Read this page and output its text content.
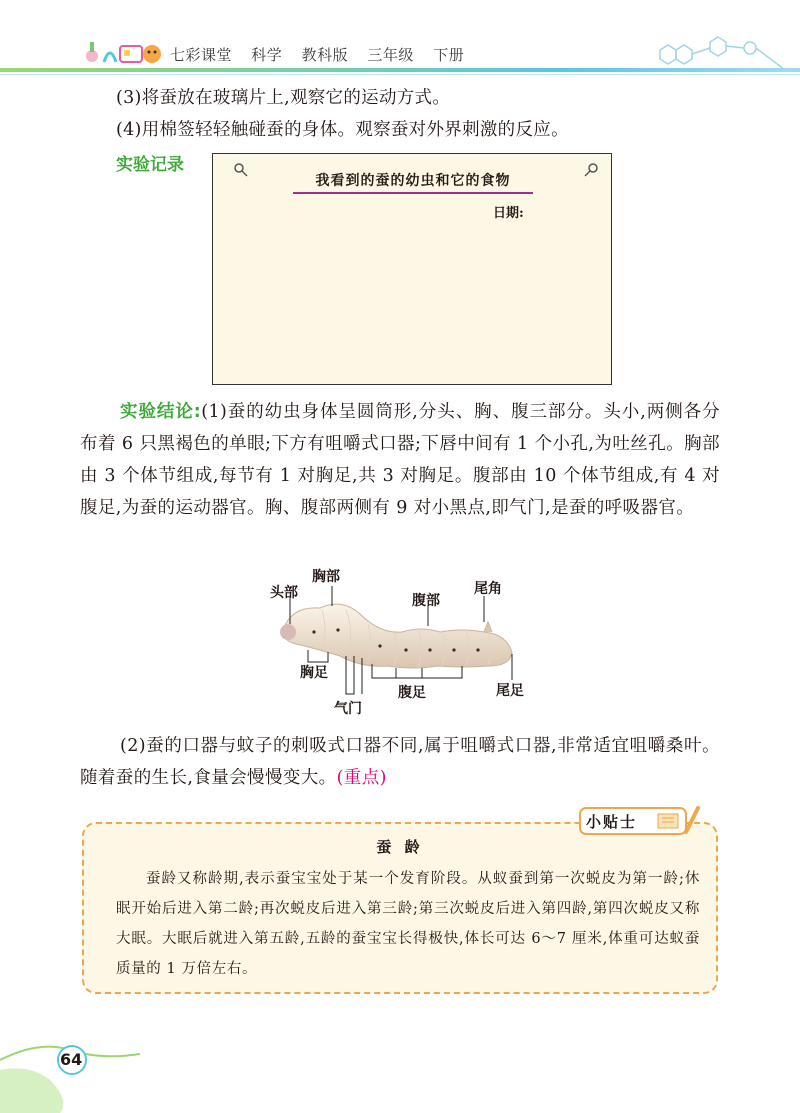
七彩课堂 科学 教科版 三年级 下册
(3)将蚕放在玻璃片上,观察它的运动方式。
(4)用棉签轻轻触碰蚕的身体。观察蚕对外界刺激的反应。
实验记录
我看到的蚕的幼虫和它的食物
日期:
实验结论:(1)蚕的幼虫身体呈圆筒形,分头、胸、腹三部分。头小,两侧各分布着 6 只黑褐色的单眼;下方有咀嚼式口器;下唇中间有 1 个小孔,为吐丝孔。胸部由 3 个体节组成,每节有 1 对胸足,共 3 对胸足。腹部由 10 个体节组成,有 4 对腹足,为蚕的运动器官。胸、腹部两侧有 9 对小黑点,即气门,是蚕的呼吸器官。
头部
胸部
腹部
尾角
胸足
腹足	尾足
气门
(2)蚕的口器与蚊子的刺吸式口器不同,属于咀嚼式口器,非常适宜咀嚼桑叶。随着蚕的生长,食量会慢慢变大。(重点)
小贴士
蚕 龄
蚕龄又称龄期,表示蚕宝宝处于某一个发育阶段。从蚁蚕到第一次蜕皮为第一龄;休眠开始后进入第二龄;再次蜕皮后进入第三龄;第三次蜕皮后进入第四龄,第四次蜕皮又称大眠。大眠后就进入第五龄,五龄的蚕宝宝长得极快,体长可达 6～7 厘米,体重可达蚁蚕质量的 1 万倍左右。
64
